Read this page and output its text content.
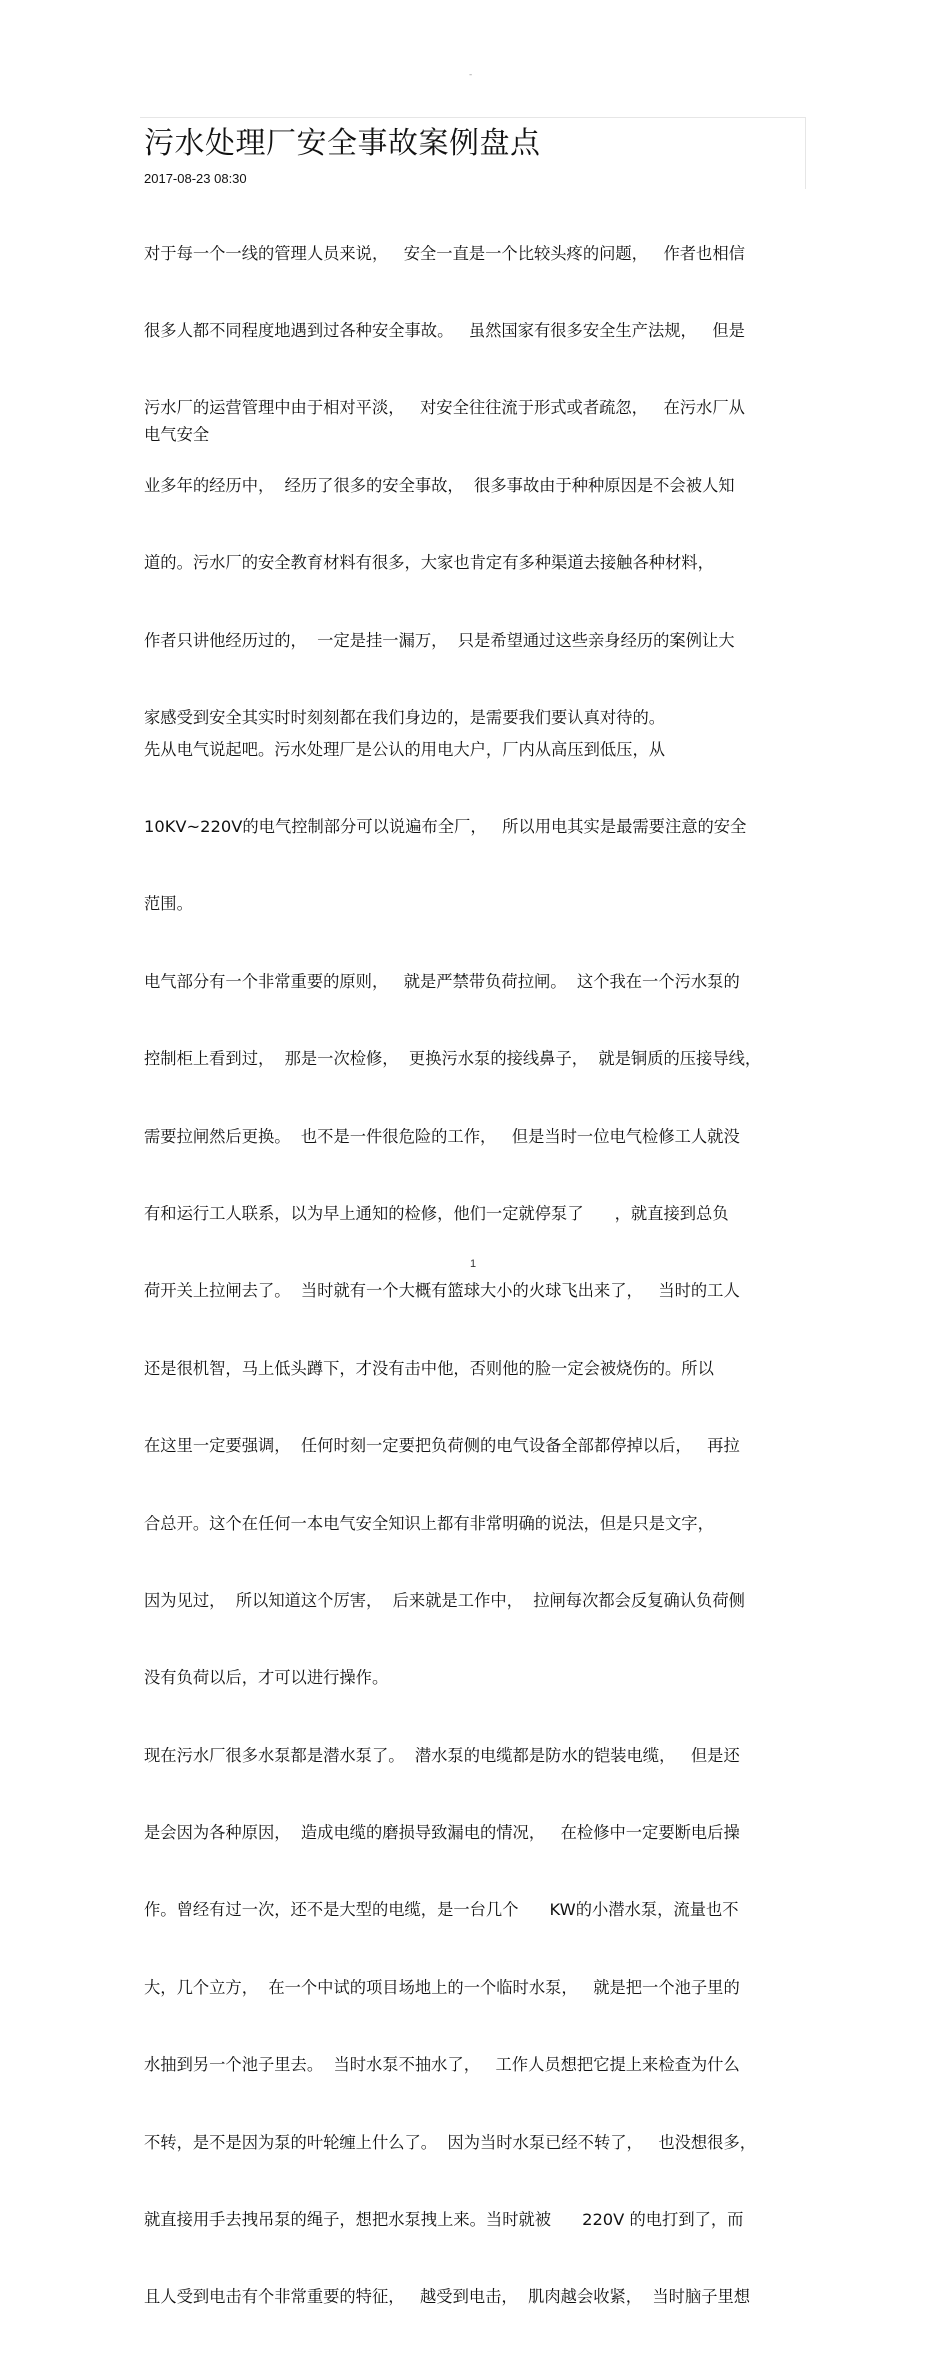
-
污水处理厂安全事故案例盘点
2017-08-23 08:30

对于每一个一线的管理人员来说，   安全一直是一个比较头疼的问题，   作者也相信

很多人都不同程度地遇到过各种安全事故。   虽然国家有很多安全生产法规，   但是

污水厂的运营管理中由于相对平淡，   对安全往往流于形式或者疏忽，   在污水厂从

业多年的经历中，  经历了很多的安全事故，  很多事故由于种种原因是不会被人知

道的。污水厂的安全教育材料有很多，大家也肯定有多种渠道去接触各种材料，

作者只讲他经历过的，  一定是挂一漏万，  只是希望通过这些亲身经历的案例让大

家感受到安全其实时时刻刻都在我们身边的，是需要我们要认真对待的。

电气安全

先从电气说起吧。污水处理厂是公认的用电大户，厂内从高压到低压，从

10KV~220V的电气控制部分可以说遍布全厂，   所以用电其实是最需要注意的安全

范围。

电气部分有一个非常重要的原则，   就是严禁带负荷拉闸。  这个我在一个污水泵的

控制柜上看到过，  那是一次检修，  更换污水泵的接线鼻子，  就是铜质的压接导线，

需要拉闸然后更换。  也不是一件很危险的工作，   但是当时一位电气检修工人就没

有和运行工人联系，以为早上通知的检修，他们一定就停泵了      ，就直接到总负

荷开关上拉闸去了。  当时就有一个大概有篮球大小的火球飞出来了，   当时的工人

还是很机智，马上低头蹲下，才没有击中他，否则他的脸一定会被烧伤的。所以

在这里一定要强调，  任何时刻一定要把负荷侧的电气设备全部都停掉以后，   再拉

合总开。这个在任何一本电气安全知识上都有非常明确的说法，但是只是文字，

因为见过，  所以知道这个厉害，  后来就是工作中，  拉闸每次都会反复确认负荷侧

没有负荷以后，才可以进行操作。

现在污水厂很多水泵都是潜水泵了。  潜水泵的电缆都是防水的铠装电缆，   但是还

是会因为各种原因，  造成电缆的磨损导致漏电的情况，   在检修中一定要断电后操

作。曾经有过一次，还不是大型的电缆，是一台几个      KW的小潜水泵，流量也不

大，几个立方，  在一个中试的项目场地上的一个临时水泵，   就是把一个池子里的

水抽到另一个池子里去。  当时水泵不抽水了，   工作人员想把它提上来检查为什么

不转，是不是因为泵的叶轮缠上什么了。  因为当时水泵已经不转了，   也没想很多，

就直接用手去拽吊泵的绳子，想把水泵拽上来。当时就被      220V 的电打到了，而

且人受到电击有个非常重要的特征，   越受到电击，  肌肉越会收紧，  当时脑子里想

1
